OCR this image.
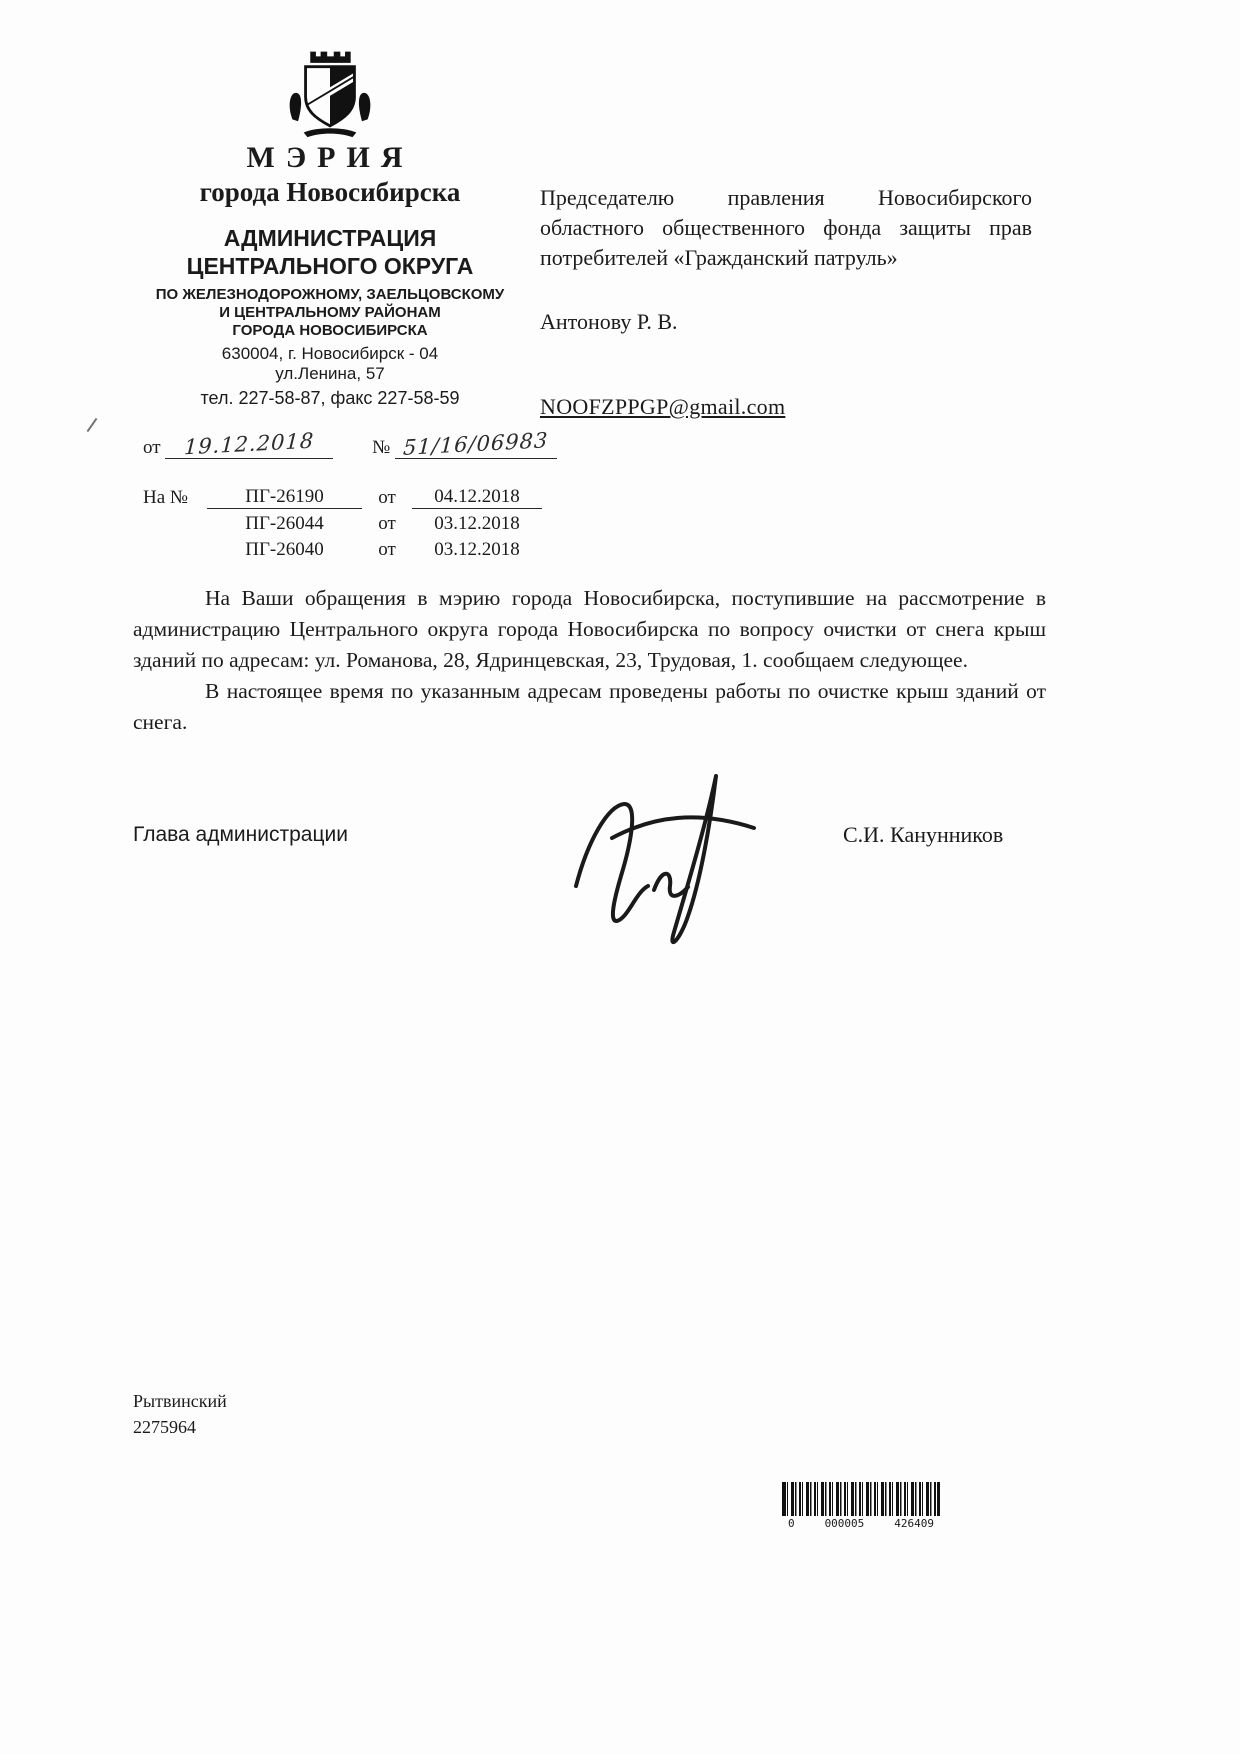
МЭРИЯ
города Новосибирска
АДМИНИСТРАЦИЯ
ЦЕНТРАЛЬНОГО ОКРУГА
ПО ЖЕЛЕЗНОДОРОЖНОМУ, ЗАЕЛЬЦОВСКОМУ
И ЦЕНТРАЛЬНОМУ РАЙОНАМ
ГОРОДА НОВОСИБИРСКА
630004, г. Новосибирск - 04
ул.Ленина, 57
тел. 227-58-87, факс 227-58-59
Председателю правления Новосибирского областного общественного фонда защиты прав потребителей «Гражданский патруль»
Антонову Р. В.
NOOFZPPGP@gmail.com
от 19.12.2018	№ 51/16/06983
На №	ПГ-26190	от	04.12.2018
ПГ-26044	от	03.12.2018
ПГ-26040	от	03.12.2018

На Ваши обращения в мэрию города Новосибирска, поступившие на рассмотрение в администрацию Центрального округа города Новосибирска по вопросу очистки от снега крыш зданий по адресам: ул. Романова, 28, Ядринцевская, 23, Трудовая, 1. сообщаем следующее.

В настоящее время по указанным адресам проведены работы по очистке крыш зданий от снега.

Глава администрации	С.И. Канунников
Рытвинский
2275964
0	000005	426409
